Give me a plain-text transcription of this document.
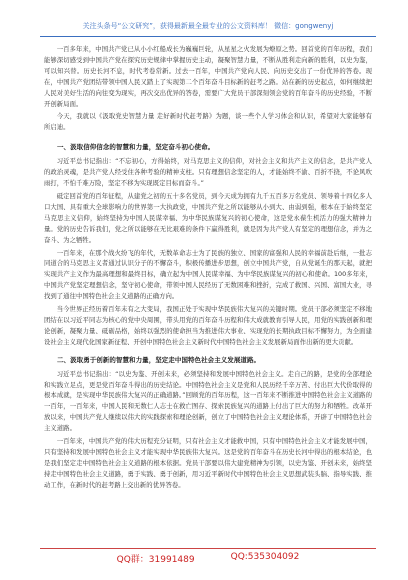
关注头条号“公文研究”，获得最新最全最专业的公文资料库！ 微信：gongwenyj

一百多年来，中国共产党已从小小红船成长为巍巍巨轮，从星星之火发展为燎原之势。回首党的百年历程，我们能够深切感受到中国共产党在探究历史规律中掌握历史主动，凝聚智慧力量，不断从胜利走向新的胜利，以史为鉴，可以知兴替。历史长河不息，时代考卷常新。过去一百年，中国共产党向人民、向历史交出了一份优异的答卷。现在，中国共产党团结带领中国人民又踏上了实现第二个百年奋斗目标新的赶考之路。站在新的历史起点，如何继续把人民对美好生活的向往变为现实，再次交出优异的答卷，需要广大党员干部深刻领会党的百年奋斗的历史经验，不断开创新局面。

今天，我就以《汲取党史智慧力量 走好新时代赶考路》为题，谈一些个人学习体会和认识，希望对大家能够有所启迪。

一、汲取信仰信念的智慧和力量，坚定奋斗初心使命。

习近平总书记指出：“不忘初心，方得始终，对马克思主义的信仰，对社会主义和共产主义的信念，是共产党人的政治灵魂，是共产党人经受住各种考验的精神支柱。只有理想信念坚定的人，才能始终不渝、百折不挠，不论风吹雨打，不怕千难万险，坚定不移为实现既定目标而奋斗。”

砥定回首党的百年征程，从建党之初的五十多名党员，到今天成为拥有九千五百多万名党员、领导着十四亿多人口大国、具有重大全球影响力的世界第一大执政党，中国共产党之所以能够从小到大、由弱到强，根本在于始终坚定马克思主义信仰，始终坚持为中国人民谋幸福、为中华民族谋复兴的初心使命，这是党永葆生机活力的强大精神力量。党的历史告诉我们，党之所以能够在无比艰难的条件下赢得胜利，就是因为共产党人有坚定的理想信念，并为之奋斗、为之牺牲。

一百年来，在那个战火纷飞的年代，无数革命志士为了民族的独立、国家的富强和人民的幸福前赴后继，一批志同道合的马克思主义者通过认识分子的不懈奋斗，积极传播进步思想，创立中国共产党，自从党诞生的那天起，就把实现共产主义作为最高理想和最终目标，确立起为中国人民谋幸福、为中华民族谋复兴的初心和使命。100多年来，中国共产党坚定理想信念，坚守初心使命，带领中国人民经历了无数困难和挫折，完成了救国、兴国、富国大业，寻找到了通往中国特色社会主义道路的正确方向。

当今世界正经历着百年未有之大变局，我国正处于实现中华民族伟大复兴的关键时期。党员干部必须坚定不移地团结在以习近平同志为核心的党中央周围，带头用党的百年奋斗历程和伟大成就教育引导人民，用党的实践创新和理论创新，凝聚力量、砥砺品格，始终以强烈的使命担当为推进伟大事业、实现党的长期执政目标不懈努力，为全面建设社会主义现代化国家新征程、开创中国特色社会主义新时代中国特色社会主义发展新局面作出新的更大贡献。

二、汲取勇于创新的智慧和力量，坚定走中国特色社会主义发展道路。

习近平总书记指出：“以史为鉴、开创未来，必须坚持和发展中国特色社会主义。走自己的路，是党的全部理论和实践立足点，更是党百年奋斗得出的历史结论。中国特色社会主义是党和人民历经千辛万苦、付出巨大代价取得的根本成就，是实现中华民族伟大复兴的正确道路。”回顾党的百年历程，这一百年来不断推进中国特色社会主义道路的一百年，一百年来，中国人民和无数仁人志士在救亡图存、探索民族复兴的道路上付出了巨大的努力和牺牲。改革开放以来，中国共产党人继续以伟大的实践探索和理论创新，创立了中国特色社会主义理论体系，开辟了中国特色社会主义道路。

一百年来，中国共产党的伟大历程充分证明，只有社会主义才能救中国，只有中国特色社会主义才能发展中国，只有坚持和发展中国特色社会主义才能实现中华民族伟大复兴。这是党的百年奋斗在历史长河中得出的根本结论，也是我们坚定走中国特色社会主义道路的根本依据。党员干部要以伟大建党精神为引领，以史为鉴、开创未来，始终坚持走中国特色社会主义道路，勇于实践、勇于创新，用习近平新时代中国特色社会主义思想武装头脑、指导实践、推动工作，在新时代的赶考路上交出新的优异答卷。

QQ群：31991489	QQ:535304092
